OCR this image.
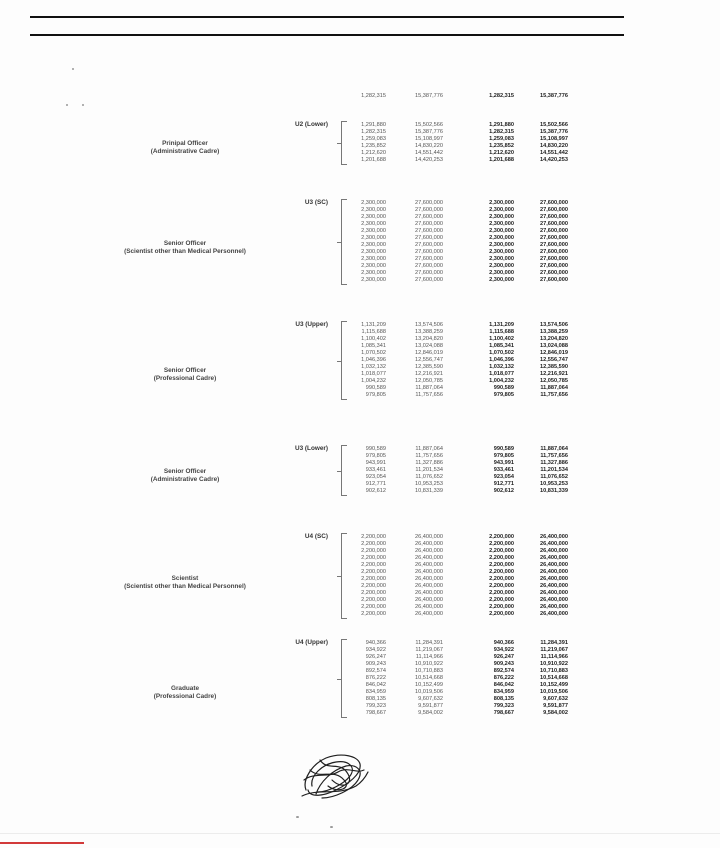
1,282,315	15,387,776	1,282,315	15,387,776
U2 (Lower)
Prinipal Officer
(Administrative Cadre)
1,291,880	15,502,566	1,291,880	15,502,566
1,282,315	15,387,776	1,282,315	15,387,776
1,259,083	15,108,997	1,259,083	15,108,997
1,235,852	14,830,220	1,235,852	14,830,220
1,212,620	14,551,442	1,212,620	14,551,442
1,201,688	14,420,253	1,201,688	14,420,253
U3 (SC)
Senior Officer
(Scientist other than Medical Personnel)
2,300,000	27,600,000	2,300,000	27,600,000
2,300,000	27,600,000	2,300,000	27,600,000
2,300,000	27,600,000	2,300,000	27,600,000
2,300,000	27,600,000	2,300,000	27,600,000
2,300,000	27,600,000	2,300,000	27,600,000
2,300,000	27,600,000	2,300,000	27,600,000
2,300,000	27,600,000	2,300,000	27,600,000
2,300,000	27,600,000	2,300,000	27,600,000
2,300,000	27,600,000	2,300,000	27,600,000
2,300,000	27,600,000	2,300,000	27,600,000
2,300,000	27,600,000	2,300,000	27,600,000
2,300,000	27,600,000	2,300,000	27,600,000
U3 (Upper)
Senior Officer
(Professional Cadre)
1,131,209	13,574,506	1,131,209	13,574,506
1,115,688	13,388,259	1,115,688	13,388,259
1,100,402	13,204,820	1,100,402	13,204,820
1,085,341	13,024,088	1,085,341	13,024,088
1,070,502	12,846,019	1,070,502	12,846,019
1,046,396	12,556,747	1,046,396	12,556,747
1,032,132	12,385,590	1,032,132	12,385,590
1,018,077	12,216,921	1,018,077	12,216,921
1,004,232	12,050,785	1,004,232	12,050,785
990,589	11,887,064	990,589	11,887,064
979,805	11,757,656	979,805	11,757,656
U3 (Lower)
Senior Officer
(Administrative Cadre)
990,589	11,887,064	990,589	11,887,064
979,805	11,757,656	979,805	11,757,656
943,991	11,327,886	943,991	11,327,886
933,461	11,201,534	933,461	11,201,534
923,054	11,076,652	923,054	11,076,652
912,771	10,953,253	912,771	10,953,253
902,612	10,831,339	902,612	10,831,339
U4 (SC)
Scientist
(Scientist other than Medical Personnel)
2,200,000	26,400,000	2,200,000	26,400,000
2,200,000	26,400,000	2,200,000	26,400,000
2,200,000	26,400,000	2,200,000	26,400,000
2,200,000	26,400,000	2,200,000	26,400,000
2,200,000	26,400,000	2,200,000	26,400,000
2,200,000	26,400,000	2,200,000	26,400,000
2,200,000	26,400,000	2,200,000	26,400,000
2,200,000	26,400,000	2,200,000	26,400,000
2,200,000	26,400,000	2,200,000	26,400,000
2,200,000	26,400,000	2,200,000	26,400,000
2,200,000	26,400,000	2,200,000	26,400,000
2,200,000	26,400,000	2,200,000	26,400,000
U4 (Upper)
Graduate
(Professional Cadre)
940,366	11,284,391	940,366	11,284,391
934,922	11,219,067	934,922	11,219,067
926,247	11,114,966	926,247	11,114,966
909,243	10,910,922	909,243	10,910,922
892,574	10,710,883	892,574	10,710,883
876,222	10,514,668	876,222	10,514,668
846,042	10,152,499	846,042	10,152,499
834,959	10,019,506	834,959	10,019,506
808,135	9,607,632	808,135	9,607,632
799,323	9,591,877	799,323	9,591,877
798,667	9,584,002	798,667	9,584,002
